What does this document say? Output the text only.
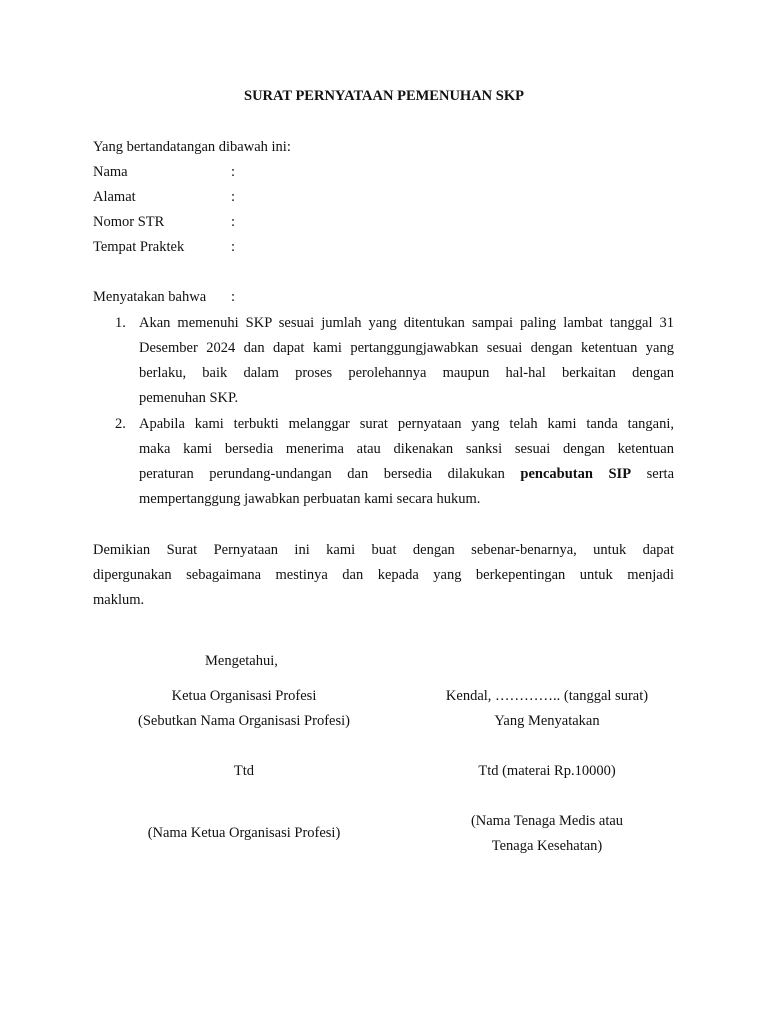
SURAT PERNYATAAN PEMENUHAN SKP
Yang bertandatangan dibawah ini:
Nama	:
Alamat	:
Nomor STR	:
Tempat Praktek	:
Menyatakan bahwa :
1. Akan memenuhi SKP sesuai jumlah yang ditentukan sampai paling lambat tanggal 31
Desember 2024 dan dapat kami pertanggungjawabkan sesuai dengan ketentuan yang
berlaku, baik dalam proses perolehannya maupun hal-hal berkaitan dengan
pemenuhan SKP.
2. Apabila kami terbukti melanggar surat pernyataan yang telah kami tanda tangani,
maka kami bersedia menerima atau dikenakan sanksi sesuai dengan ketentuan
peraturan perundang-undangan dan bersedia dilakukan pencabutan SIP serta
mempertanggung jawabkan perbuatan kami secara hukum.
Demikian Surat Pernyataan ini kami buat dengan sebenar-benarnya, untuk dapat
dipergunakan sebagaimana mestinya dan kepada yang berkepentingan untuk menjadi
maklum.
Mengetahui,
Ketua Organisasi Profesi
(Sebutkan Nama Organisasi Profesi)
Ttd
(Nama Ketua Organisasi Profesi)
Kendal, ………….. (tanggal surat)
Yang Menyatakan
Ttd (materai Rp.10000)
(Nama Tenaga Medis atau
Tenaga Kesehatan)
